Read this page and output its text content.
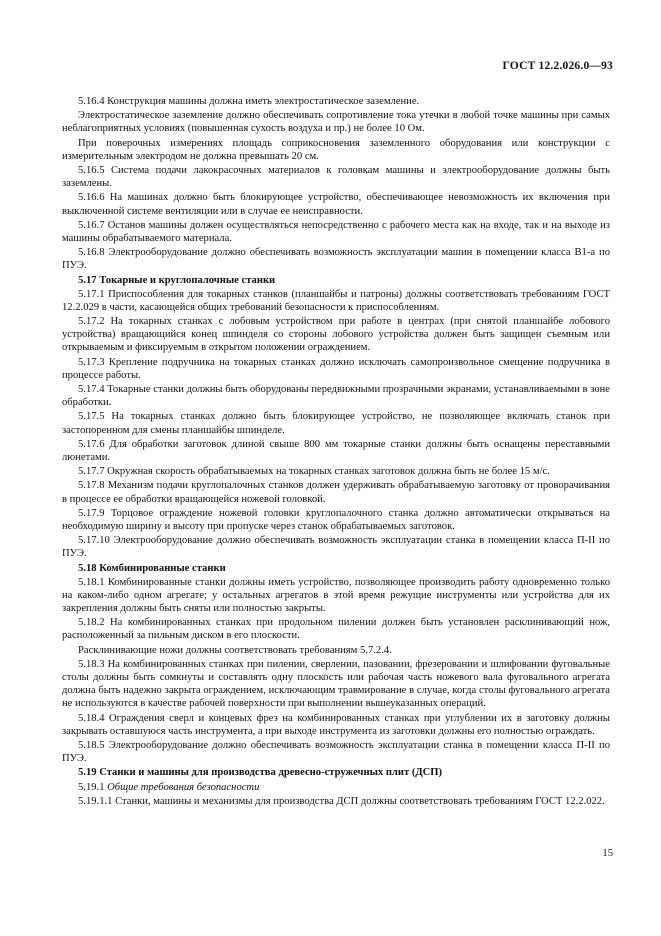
ГОСТ 12.2.026.0—93

5.16.4 Конструкция машины должна иметь электростатическое заземление.

Электростатическое заземление должно обеспечивать сопротивление тока утечки в любой точке машины при самых неблагоприятных условиях (повышенная сухость воздуха и пр.) не более 10 Ом.

При поверочных измерениях площадь соприкосновения заземленного оборудования или конструкции с измерительным электродом не должна превышать 20 см.

5.16.5 Система подачи лакокрасочных материалов к головкам машины и электрооборудование должны быть заземлены.

5.16.6 На машинах должно быть блокирующее устройство, обеспечивающее невозможность их включения при выключенной системе вентиляции или в случае ее неисправности.

5.16.7 Останов машины должен осуществляться непосредственно с рабочего места как на входе, так и на выходе из машины обрабатываемого материала.

5.16.8 Электрооборудование должно обеспечивать возможность эксплуатации машин в помещении класса В1-а по ПУЭ.

5.17 Токарные и круглопалочные станки

5.17.1 Приспособления для токарных станков (планшайбы и патроны) должны соответствовать требованиям ГОСТ 12.2.029 в части, касающейся общих требований безопасности к приспособлениям.

5.17.2 На токарных станках с лобовым устройством при работе в центрах (при снятой планшайбе лобового устройства) вращающийся конец шпинделя со стороны лобового устройства должен быть защищен съемным или открываемым и фиксируемым в открытом положении ограждением.

5.17.3 Крепление подручника на токарных станках должно исключать самопроизвольное смещение подручника в процессе работы.

5.17.4 Токарные станки должны быть оборудованы передвижными прозрачными экранами, устанавливаемыми в зоне обработки.

5.17.5 На токарных станках должно быть блокирующее устройство, не позволяющее включать станок при застопоренном для смены планшайбы шпинделе.

5.17.6 Для обработки заготовок длиной свыше 800 мм токарные станки должны быть оснащены переставными люнетами.

5.17.7 Окружная скорость обрабатываемых на токарных станках заготовок должна быть не более 15 м/с.

5.17.8 Механизм подачи круглопалочных станков должен удерживать обрабатываемую заготовку от проворачивания в процессе ее обработки вращающейся ножевой головкой.

5.17.9 Торцовое ограждение ножевой головки круглопалочного станка должно автоматически открываться на необходимую ширину и высоту при пропуске через станок обрабатываемых заготовок.

5.17.10 Электрооборудование должно обеспечивать возможность эксплуатации станка в помещении класса П-II по ПУЭ.

5.18 Комбинированные станки

5.18.1 Комбинированные станки должны иметь устройство, позволяющее производить работу одновременно только на каком-либо одном агрегате; у остальных агрегатов в этой время режущие инструменты или устройства для их закрепления должны быть сняты или полностью закрыты.

5.18.2 На комбинированных станках при продольном пилении должен быть установлен расклинивающий нож, расположенный за пильным диском в его плоскости.

Расклинивающие ножи должны соответствовать требованиям 5.7.2.4.

5.18.3 На комбинированных станках при пилении, сверлении, пазовании, фрезеровании и шлифовании фуговальные столы должны быть сомкнуты и составлять одну плоскость или рабочая часть ножевого вала фуговального агрегата должна быть надежно закрыта ограждением, исключающим травмирование в случае, когда столы фуговального агрегата не используются в качестве рабочей поверхности при выполнении вышеуказанных операций.

5.18.4 Ограждения сверл и концевых фрез на комбинированных станках при углублении их в заготовку должны закрывать оставшуюся часть инструмента, а при выходе инструмента из заготовки должны его полностью ограждать.

5.18.5 Электрооборудование должно обеспечивать возможность эксплуатации станка в помещении класса П-II по ПУЭ.

5.19 Станки и машины для производства древесно-стружечных плит (ДСП)

5.19.1 Общие требования безопасности

5.19.1.1 Станки, машины и механизмы для производства ДСП должны соответствовать требованиям ГОСТ 12.2.022.

15
